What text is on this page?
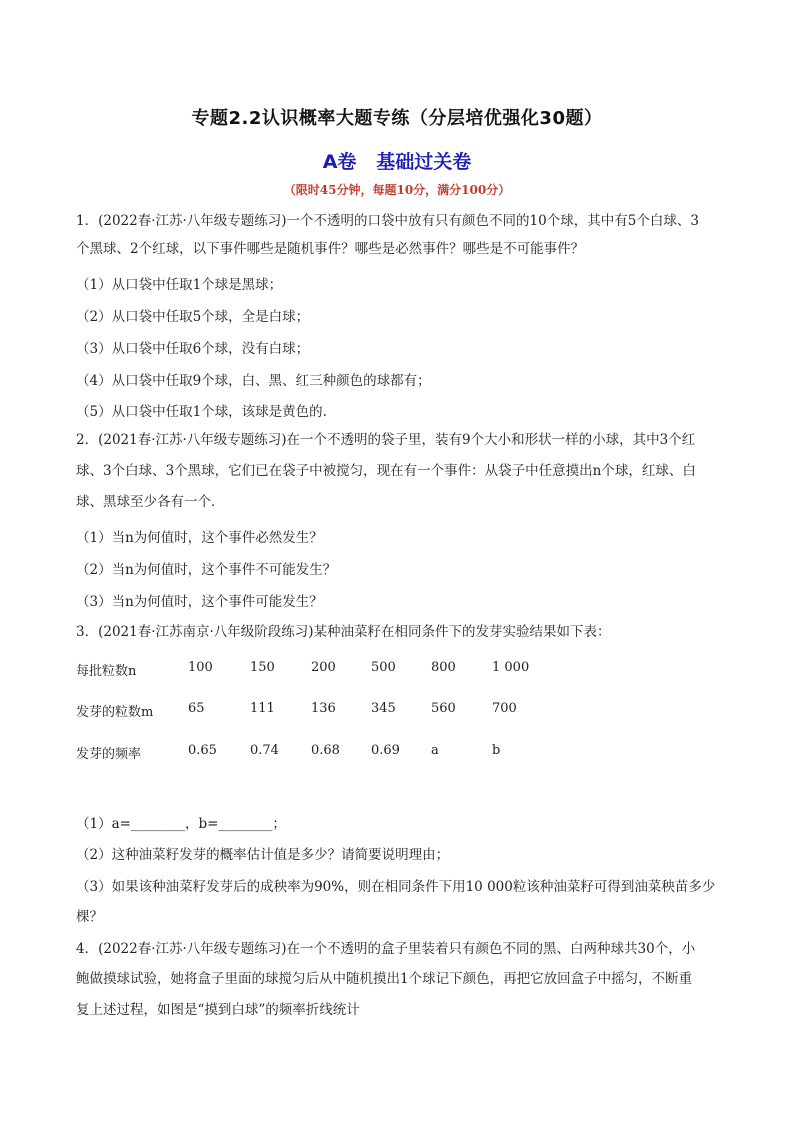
专题2.2认识概率大题专练（分层培优强化30题）
A卷   基础过关卷
（限时45分钟，每题10分，满分100分）
1．(2022春·江苏·八年级专题练习)一个不透明的口袋中放有只有颜色不同的10个球，其中有5个白球、3
个黑球、2个红球，以下事件哪些是随机事件？哪些是必然事件？哪些是不可能事件？
（1）从口袋中任取1个球是黑球；
（2）从口袋中任取5个球，全是白球；
（3）从口袋中任取6个球，没有白球；
（4）从口袋中任取9个球，白、黑、红三种颜色的球都有；
（5）从口袋中任取1个球，该球是黄色的.
2．(2021春·江苏·八年级专题练习)在一个不透明的袋子里，装有9个大小和形状一样的小球，其中3个红
球、3个白球、3个黑球，它们已在袋子中被搅匀，现在有一个事件：从袋子中任意摸出n个球，红球、白
球、黑球至少各有一个．
（1）当n为何值时，这个事件必然发生？
（2）当n为何值时，这个事件不可能发生？
（3）当n为何值时，这个事件可能发生？
3．(2021春·江苏南京·八年级阶段练习)某种油菜籽在相同条件下的发芽实验结果如下表：
每批粒数n	100	150	200	500	800	1 000
发芽的粒数m	65	111	136	345	560	700
发芽的频率	0.65	0.74 0.68 0.69 a	b
（1）a=________，b=________；
（2）这种油菜籽发芽的概率估计值是多少？请简要说明理由；
（3）如果该种油菜籽发芽后的成秧率为90%，则在相同条件下用10 000粒该种油菜籽可得到油菜秧苗多少
棵？
4．(2022春·江苏·八年级专题练习)在一个不透明的盒子里装着只有颜色不同的黑、白两种球共30个，小
鲍做摸球试验，她将盒子里面的球搅匀后从中随机摸出1个球记下颜色，再把它放回盒子中摇匀，不断重
复上述过程，如图是“摸到白球”的频率折线统计
